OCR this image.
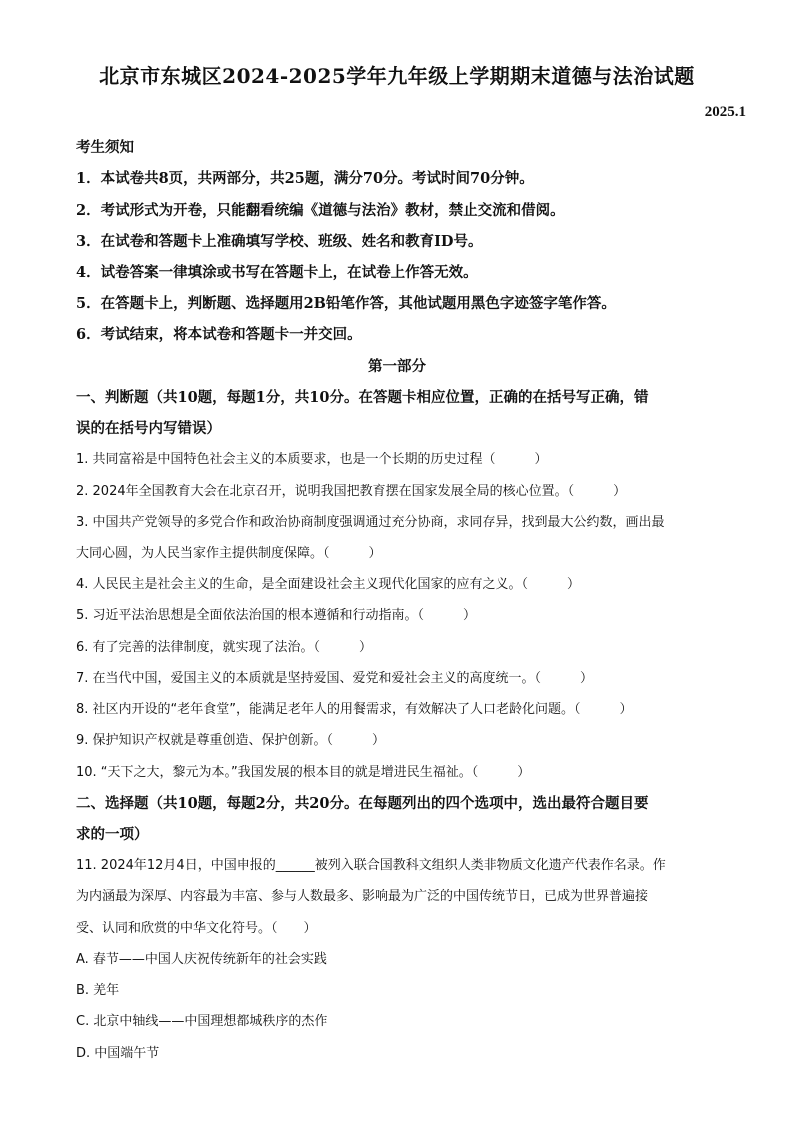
北京市东城区2024-2025学年九年级上学期期末道德与法治试题
2025.1
考生须知
1．本试卷共8页，共两部分，共25题，满分70分。考试时间70分钟。
2．考试形式为开卷，只能翻看统编《道德与法治》教材，禁止交流和借阅。
3．在试卷和答题卡上准确填写学校、班级、姓名和教育ID号。
4．试卷答案一律填涂或书写在答题卡上，在试卷上作答无效。
5．在答题卡上，判断题、选择题用2B铅笔作答，其他试题用黑色字迹签字笔作答。
6．考试结束，将本试卷和答题卡一并交回。
第一部分
一、判断题（共10题，每题1分，共10分。在答题卡相应位置，正确的在括号写正确，错
误的在括号内写错误）
1. 共同富裕是中国特色社会主义的本质要求，也是一个长期的历史过程（　　　）
2. 2024年全国教育大会在北京召开，说明我国把教育摆在国家发展全局的核心位置。（　　　）
3. 中国共产党领导的多党合作和政治协商制度强调通过充分协商，求同存异，找到最大公约数，画出最
大同心圆，为人民当家作主提供制度保障。（　　　）
4. 人民民主是社会主义的生命，是全面建设社会主义现代化国家的应有之义。（　　　）
5. 习近平法治思想是全面依法治国的根本遵循和行动指南。（　　　）
6. 有了完善的法律制度，就实现了法治。（　　　）
7. 在当代中国，爱国主义的本质就是坚持爱国、爱党和爱社会主义的高度统一。（　　　）
8. 社区内开设的“老年食堂”，能满足老年人的用餐需求，有效解决了人口老龄化问题。（　　　）
9. 保护知识产权就是尊重创造、保护创新。（　　　）
10. “天下之大，黎元为本。”我国发展的根本目的就是增进民生福祉。（　　　）
二、选择题（共10题，每题2分，共20分。在每题列出的四个选项中，选出最符合题目要
求的一项）
11. 2024年12月4日，中国申报的______被列入联合国教科文组织人类非物质文化遗产代表作名录。作
为内涵最为深厚、内容最为丰富、参与人数最多、影响最为广泛的中国传统节日，已成为世界普遍接
受、认同和欣赏的中华文化符号。（　　）
A. 春节——中国人庆祝传统新年的社会实践
B. 羌年
C. 北京中轴线——中国理想都城秩序的杰作
D. 中国端午节
